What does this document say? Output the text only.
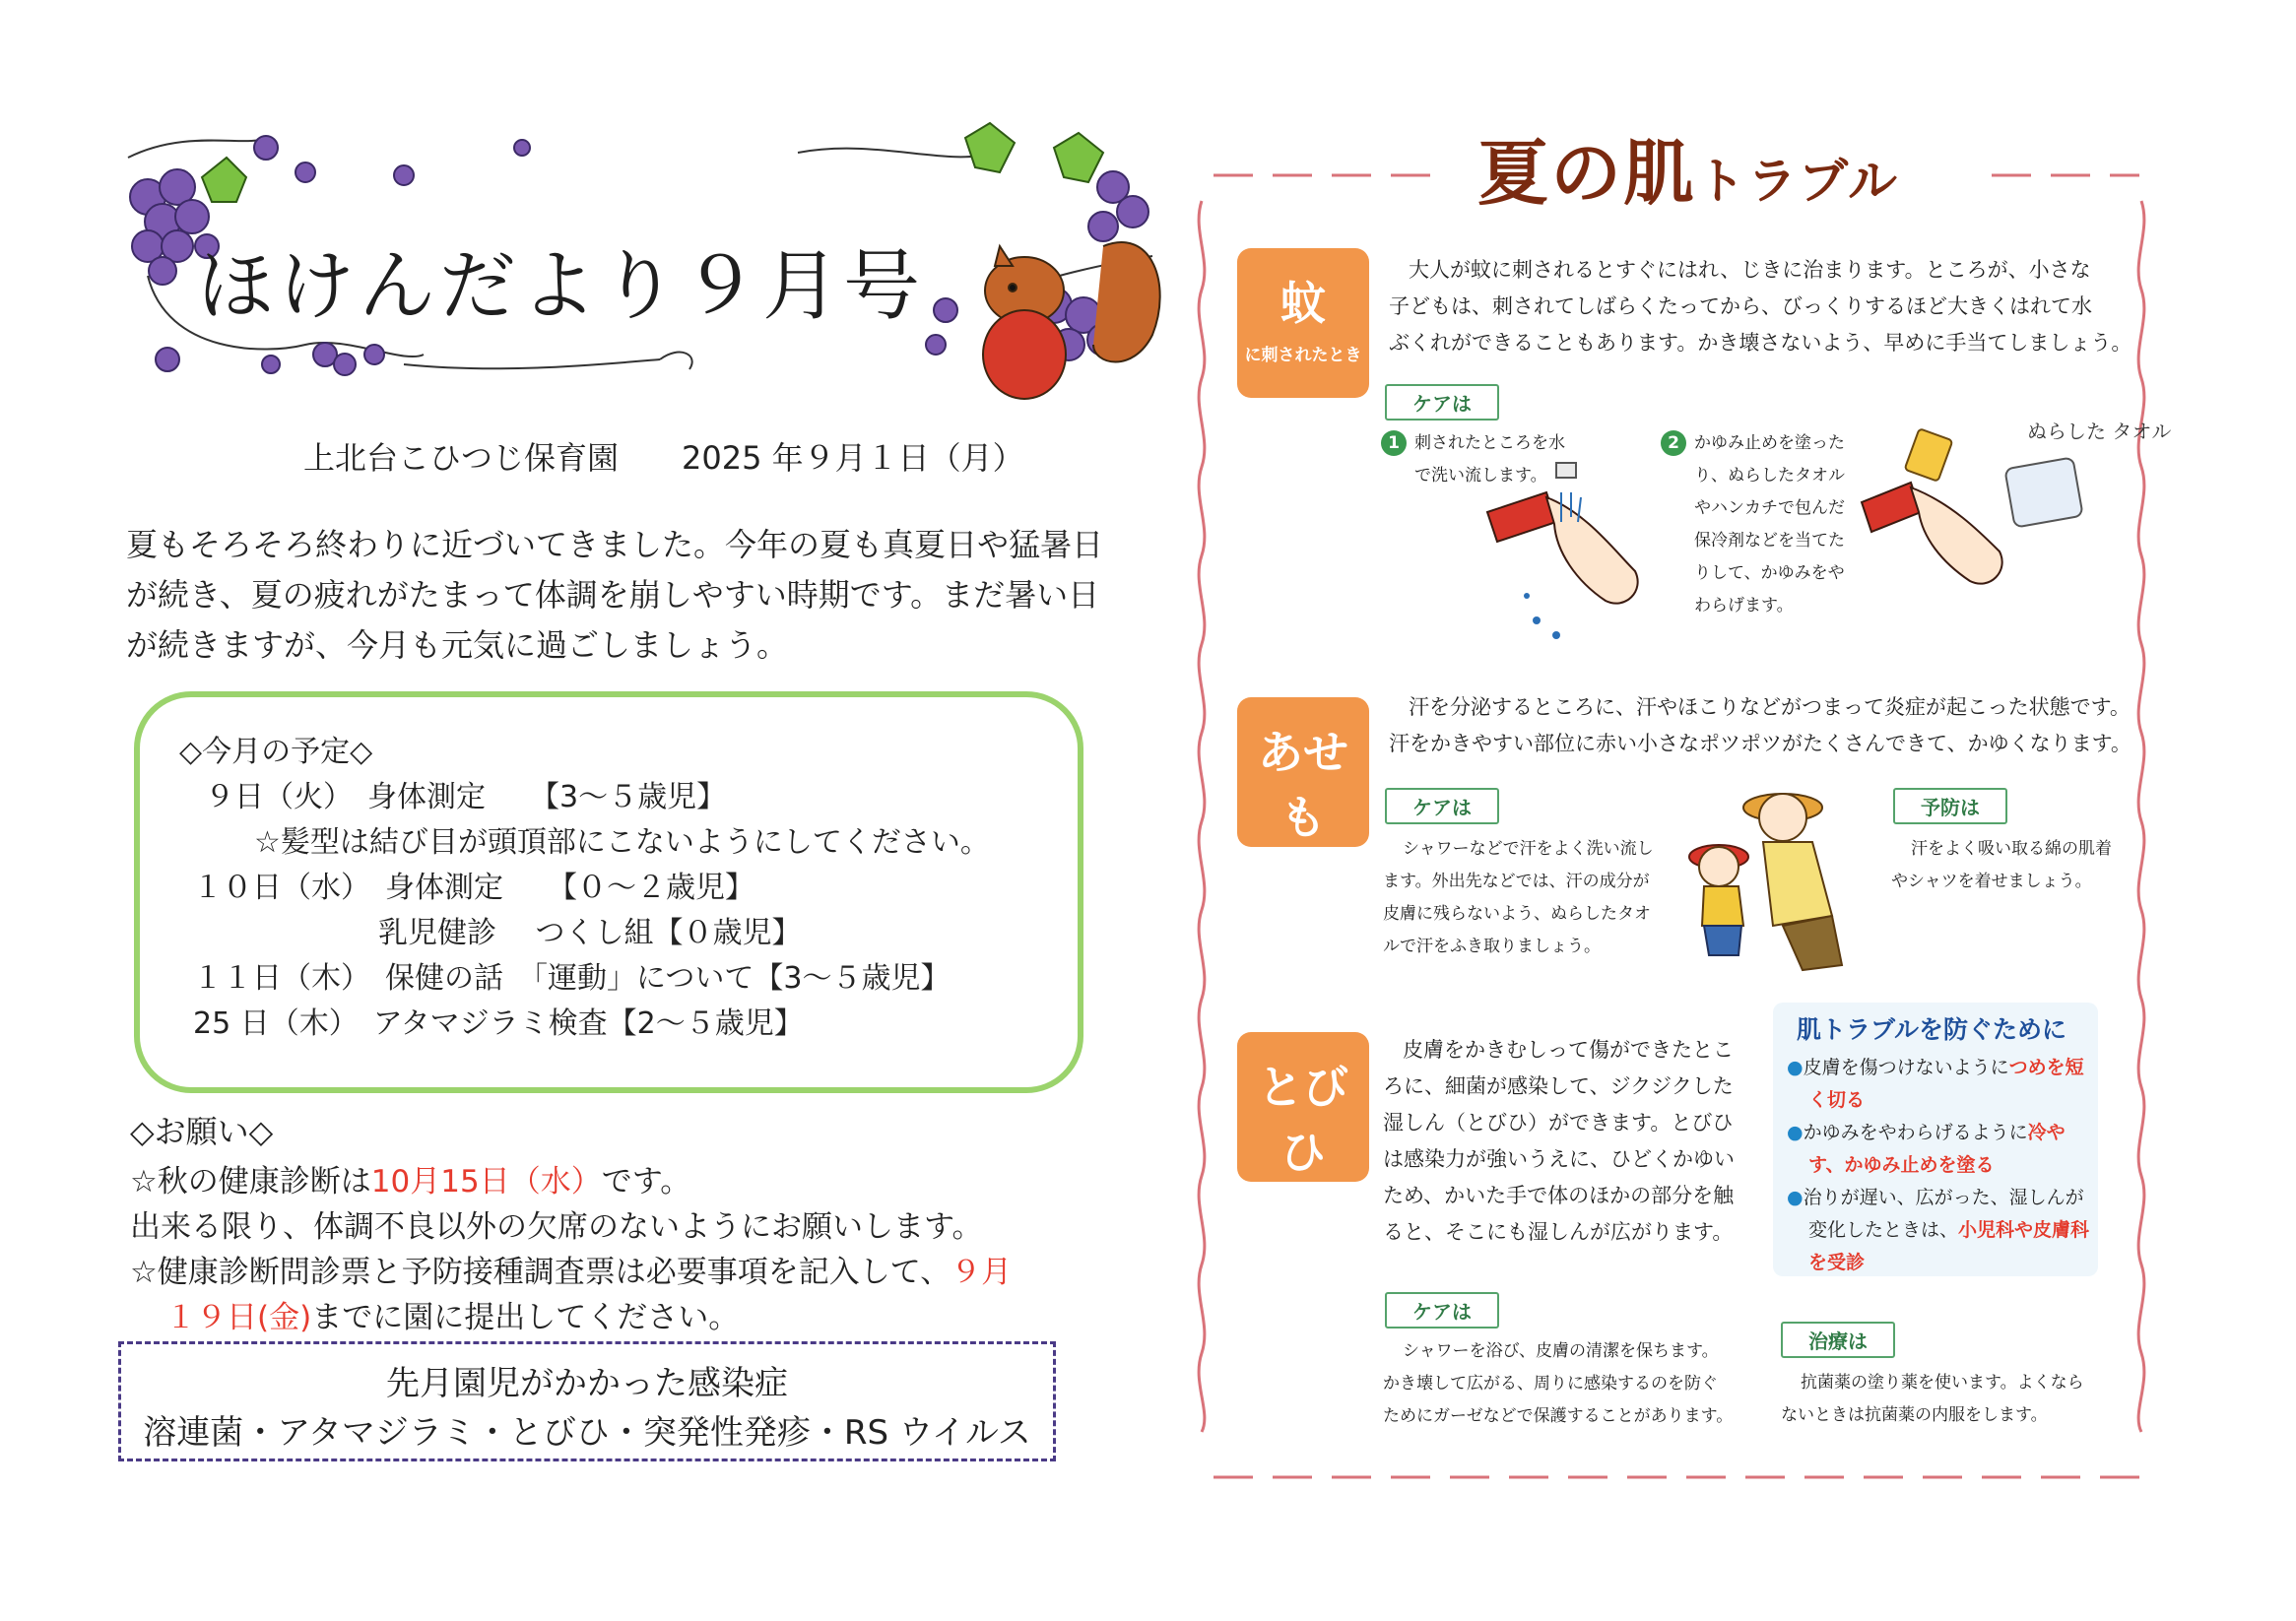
ほけんだより９月号
上北台こひつじ保育園 2025 年９月１日（月）
夏もそろそろ終わりに近づいてきました。今年の夏も真夏日や猛暑日
が続き、夏の疲れがたまって体調を崩しやすい時期です。まだ暑い日
が続きますが、今月も元気に過ごしましょう。
◇今月の予定◇
９日（火）　身体測定　　【3～５歳児】
☆髪型は結び目が頭頂部にこないようにしてください。
１０日（水）　身体測定　　【０～２歳児】
乳児健診　 つくし組【０歳児】
１１日（木）　保健の話　「運動」について【3～５歳児】
25 日（木）　アタマジラミ検査【2～５歳児】
◇お願い◇
☆秋の健康診断は10月15日（水）です。
出来る限り、体調不良以外の欠席のないようにお願いします。
☆健康診断問診票と予防接種調査票は必要事項を記入して、９月
１９日(金)までに園に提出してください。
先月園児がかかった感染症
溶連菌・アタマジラミ・とびひ・突発性発疹・RS ウイルス
夏の肌トラブル
蚊
に刺されたとき
大人が蚊に刺されるとすぐにはれ、じきに治まります。ところが、小さな
子どもは、刺されてしばらくたってから、びっくりするほど大きくはれて水
ぶくれができることもあります。かき壊さないよう、早めに手当てしましょう。
ケアは
1 刺されたところを水
で洗い流します。
2 かゆみ止めを塗った
り、ぬらしたタオル
やハンカチで包んだ
保冷剤などを当てた
りして、かゆみをや
わらげます。
ぬらした タオル
あせも
ができたとき
汗を分泌するところに、汗やほこりなどがつまって炎症が起こった状態です。
汗をかきやすい部位に赤い小さなポツポツがたくさんできて、かゆくなります。
ケアは
シャワーなどで汗をよく洗い流し
ます。外出先などでは、汗の成分が
皮膚に残らないよう、ぬらしたタオ
ルで汗をふき取りましょう。
予防は
汗をよく吸い取る綿の肌着
やシャツを着せましょう。
とびひ
ができたとき
皮膚をかきむしって傷ができたとこ
ろに、細菌が感染して、ジクジクした
湿しん（とびひ）ができます。とびひ
は感染力が強いうえに、ひどくかゆい
ため、かいた手で体のほかの部分を触
ると、そこにも湿しんが広がります。
ケアは
シャワーを浴び、皮膚の清潔を保ちます。
かき壊して広がる、周りに感染するのを防ぐ
ためにガーゼなどで保護することがあります。
治療は
抗菌薬の塗り薬を使います。よくなら
ないときは抗菌薬の内服をします。
肌トラブルを防ぐために
●皮膚を傷つけないようにつめを短
く切る
●かゆみをやわらげるように冷や
す、かゆみ止めを塗る
●治りが遅い、広がった、湿しんが
変化したときは、小児科や皮膚科
を受診
